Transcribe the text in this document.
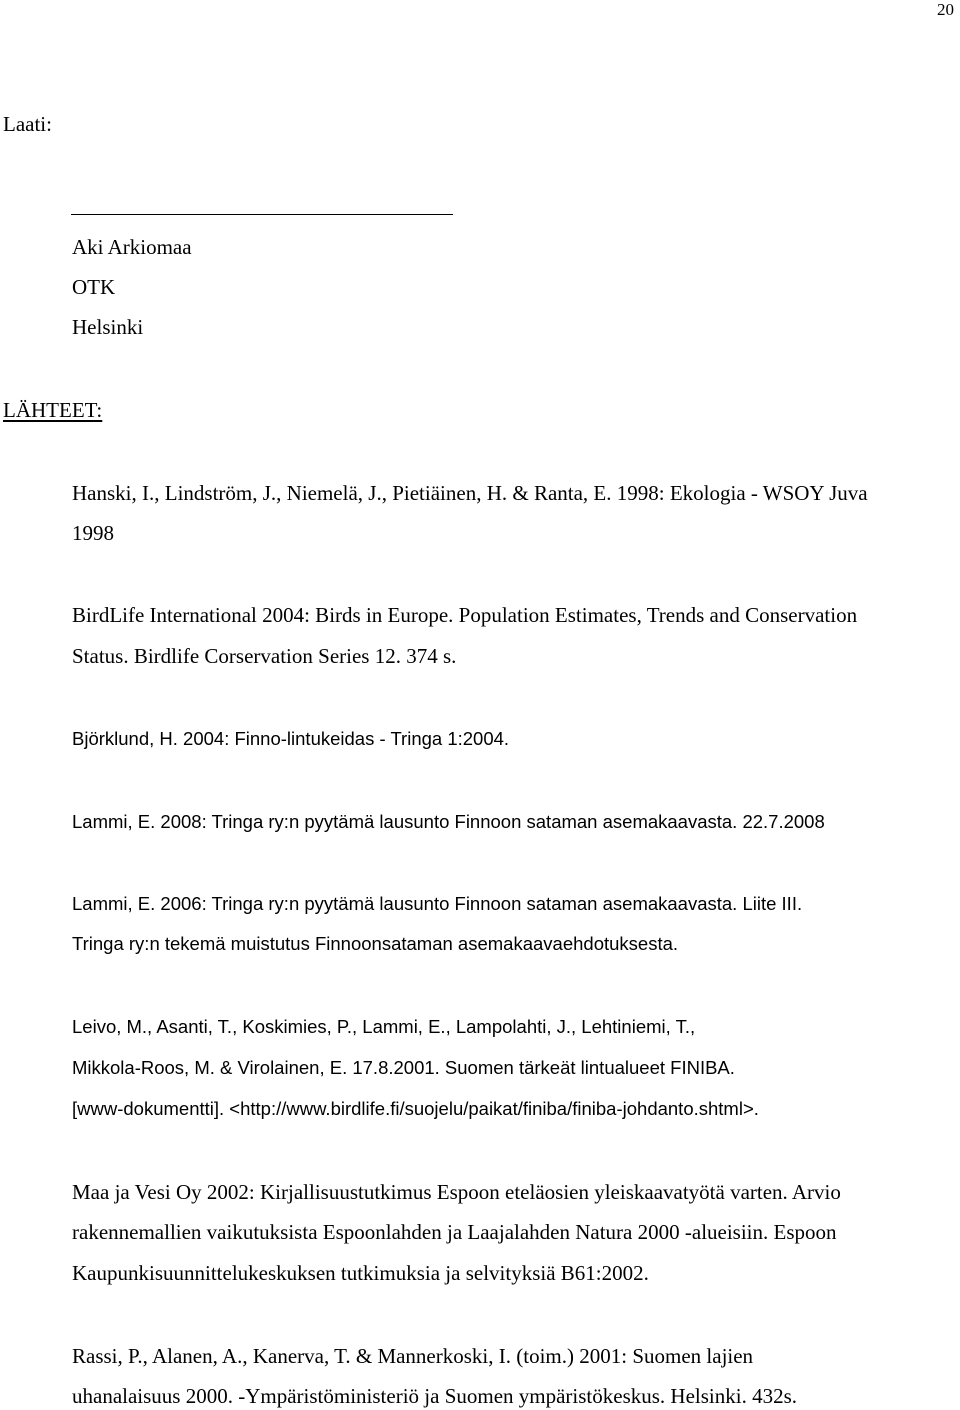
20
Laati:
Aki Arkiomaa
OTK
Helsinki
LÄHTEET:
Hanski, I., Lindström, J., Niemelä, J., Pietiäinen, H. & Ranta, E. 1998: Ekologia - WSOY Juva
1998
BirdLife International 2004: Birds in Europe. Population Estimates, Trends and Conservation
Status. Birdlife Corservation Series 12. 374 s.
Björklund, H. 2004: Finno-lintukeidas - Tringa 1:2004.
Lammi, E. 2008: Tringa ry:n pyytämä lausunto Finnoon sataman asemakaavasta. 22.7.2008
Lammi, E. 2006: Tringa ry:n pyytämä lausunto Finnoon sataman asemakaavasta. Liite III.
Tringa ry:n tekemä muistutus Finnoonsataman asemakaavaehdotuksesta.
Leivo, M., Asanti, T., Koskimies, P., Lammi, E., Lampolahti, J., Lehtiniemi, T.,
Mikkola-Roos, M. & Virolainen, E. 17.8.2001. Suomen tärkeät lintualueet FINIBA.
[www-dokumentti]. <http://www.birdlife.fi/suojelu/paikat/finiba/finiba-johdanto.shtml>.
Maa ja Vesi Oy 2002: Kirjallisuustutkimus Espoon eteläosien yleiskaavatyötä varten. Arvio
rakennemallien vaikutuksista Espoonlahden ja Laajalahden Natura 2000 -alueisiin. Espoon
Kaupunkisuunnittelukeskuksen tutkimuksia ja selvityksiä B61:2002.
Rassi, P., Alanen, A., Kanerva, T. & Mannerkoski, I. (toim.) 2001: Suomen lajien
uhanalaisuus 2000. -Ympäristöministeriö ja Suomen ympäristökeskus. Helsinki. 432s.
